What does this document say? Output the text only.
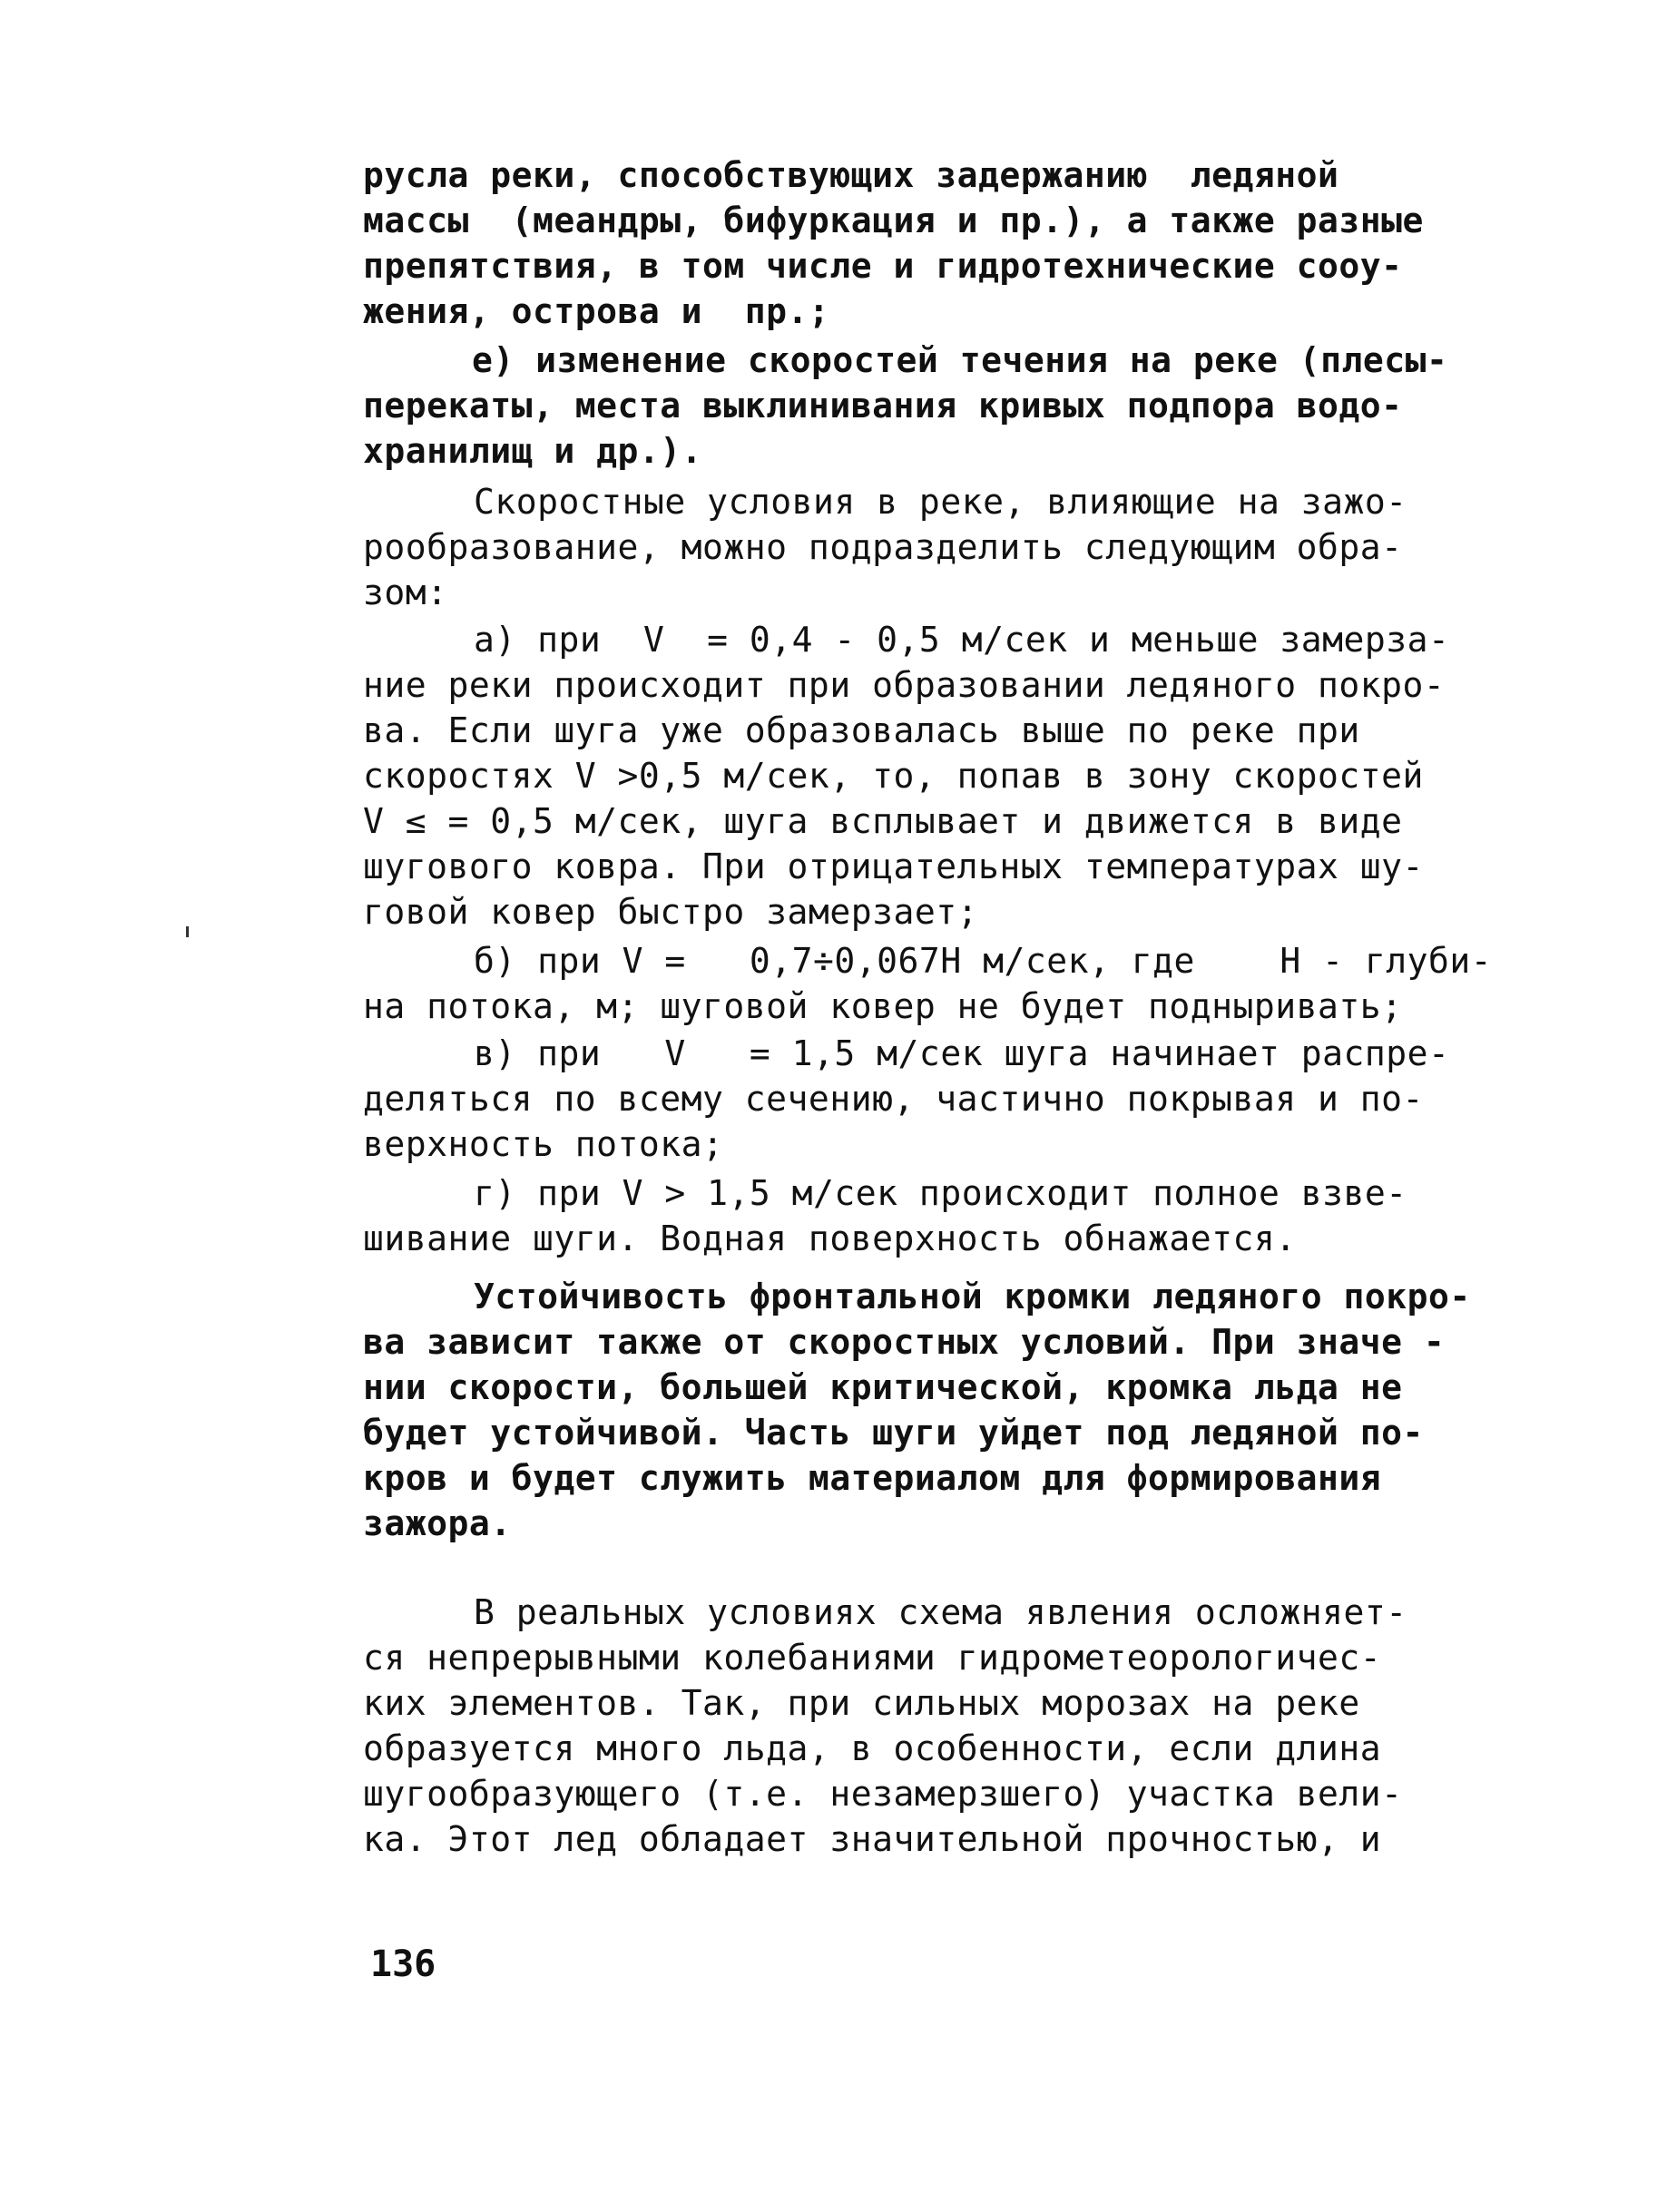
русла реки, способствующих задержанию  ледяной
массы  (меандры, бифуркация и пр.), а также разные
препятствия, в том числе и гидротехнические сооу-
жения, острова и  пр.;
е) изменение скоростей течения на реке (плесы-
перекаты, места выклинивания кривых подпора водо-
хранилищ и др.).
Скоростные условия в реке, влияющие на зажо-
рообразование, можно подразделить следующим обра-
зом:
а) при  V  = 0,4 - 0,5 м/сек и меньше замерза-
ние реки происходит при образовании ледяного покро-
ва. Если шуга уже образовалась выше по реке при
скоростях V >0,5 м/сек, то, попав в зону скоростей
V ≤ = 0,5 м/сек, шуга всплывает и движется в виде
шугового ковра. При отрицательных температурах шу-
говой ковер быстро замерзает;
б) при V =   0,7÷0,067H м/сек, где    H - глуби-
на потока, м; шуговой ковер не будет подныривать;
в) при   V   = 1,5 м/сек шуга начинает распре-
деляться по всему сечению, частично покрывая и по-
верхность потока;
г) при V > 1,5 м/сек происходит полное взве-
шивание шуги. Водная поверхность обнажается.
Устойчивость фронтальной кромки ледяного покро-
ва зависит также от скоростных условий. При значе -
нии скорости, большей критической, кромка льда не
будет устойчивой. Часть шуги уйдет под ледяной по-
кров и будет служить материалом для формирования
зажора.
В реальных условиях схема явления осложняет-
ся непрерывными колебаниями гидрометеорологичес-
ких элементов. Так, при сильных морозах на реке
образуется много льда, в особенности, если длина
шугообразующего (т.е. незамерзшего) участка вели-
ка. Этот лед обладает значительной прочностью, и
136
